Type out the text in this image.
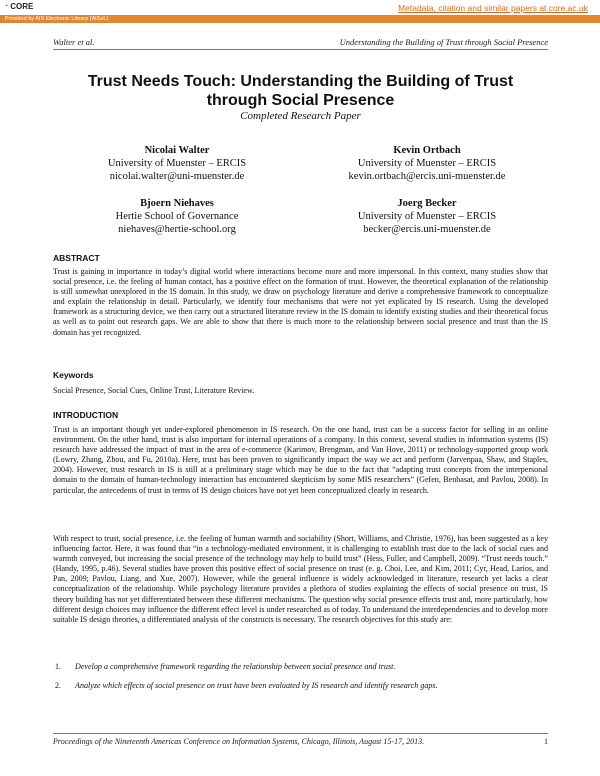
◔ CORE	Metadata, citation and similar papers at core.ac.uk
Provided by AIS Electronic Library (AISeL)
Walter et al.	Understanding the Building of Trust through Social Presence
Trust Needs Touch: Understanding the Building of Trust
through Social Presence
Completed Research Paper
Nicolai Walter
University of Muenster – ERCIS
nicolai.walter@uni-muenster.de
Kevin Ortbach
University of Muenster – ERCIS
kevin.ortbach@ercis.uni-muenster.de
Bjoern Niehaves
Hertie School of Governance
niehaves@hertie-school.org
Joerg Becker
University of Muenster – ERCIS
becker@ercis.uni-muenster.de
ABSTRACT

Trust is gaining in importance in today’s digital world where interactions become more and more impersonal. In this context, many studies show that social presence, i.e. the feeling of human contact, has a positive effect on the formation of trust. However, the theoretical explanation of the relationship is still somewhat unexplored in the IS domain. In this study, we draw on psychology literature and derive a comprehensive framework to conceptualize and explain the relationship in detail. Particularly, we identify four mechanisms that were not yet explicated by IS research. Using the developed framework as a structuring device, we then carry out a structured literature review in the IS domain to identify existing studies and their theoretical focus as well as to point out research gaps. We are able to show that there is much more to the relationship between social presence and trust than the IS domain has yet recognized.

Keywords

Social Presence, Social Cues, Online Trust, Literature Review.

INTRODUCTION

Trust is an important though yet under-explored phenomenon in IS research. On the one hand, trust can be a success factor for selling in an online environment. On the other hand, trust is also important for internal operations of a company. In this context, several studies in information systems (IS) research have addressed the impact of trust in the area of e-commerce (Karimov, Brengman, and Van Hove, 2011) or technology-supported group work (Lowry, Zhang, Zhou, and Fu, 2010a). Here, trust has been proven to significantly impact the way we act and perform (Jarvenpaa, Shaw, and Staples, 2004). However, trust research in IS is still at a preliminary stage which may be due to the fact that “adapting trust concepts from the interpersonal domain to the domain of human-technology interaction has encountered skepticism by some MIS researchers” (Gefen, Benbasat, and Pavlou, 2008). In particular, the antecedents of trust in terms of IS design choices have not yet been conceptualized clearly in research.

With respect to trust, social presence, i.e. the feeling of human warmth and sociability (Short, Williams, and Christie, 1976), has been suggested as a key influencing factor. Here, it was found that “in a technology-mediated environment, it is challenging to establish trust due to the lack of social cues and warmth conveyed, but increasing the social presence of the technology may help to build trust” (Hess, Fuller, and Campbell, 2009). “Trust needs touch.” (Handy, 1995, p.46). Several studies have proven this positive effect of social presence on trust (e. g. Choi, Lee, and Kim, 2011; Cyr, Head, Larios, and Pan, 2009; Pavlou, Liang, and Xue, 2007). However, while the general influence is widely acknowledged in literature, research yet lacks a clear conceptualization of the relationship. While psychology literature provides a plethora of studies explaining the effects of social presence on trust, IS theory building has not yet differentiated between these different mechanisms. The question why social presence effects trust and, more particularly, how different design choices may influence the different effect level is under researched as of today. To understand the interdependencies and to develop more suitable IS design theories, a differentiated analysis of the constructs is necessary. The research objectives for this study are:

1. Develop a comprehensive framework regarding the relationship between social presence and trust.
2. Analyze which effects of social presence on trust have been evaluated by IS research and identify research gaps.
Proceedings of the Nineteenth Americas Conference on Information Systems, Chicago, Illinois, August 15-17, 2013.	1
